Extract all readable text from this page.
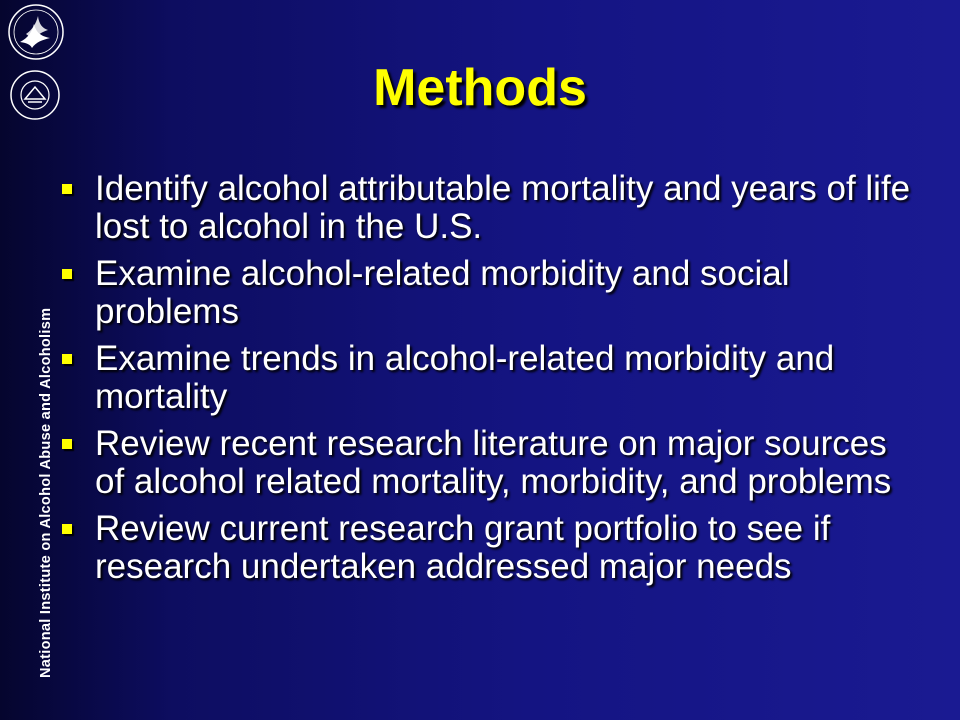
National Institute on Alcohol Abuse and Alcoholism
Methods
Identify alcohol attributable mortality and years of life lost to alcohol in the U.S.
Examine alcohol-related morbidity and social problems
Examine trends in alcohol-related morbidity and mortality
Review recent research literature on major sources of alcohol related mortality, morbidity, and problems
Review current research grant portfolio to see if research undertaken addressed major needs
